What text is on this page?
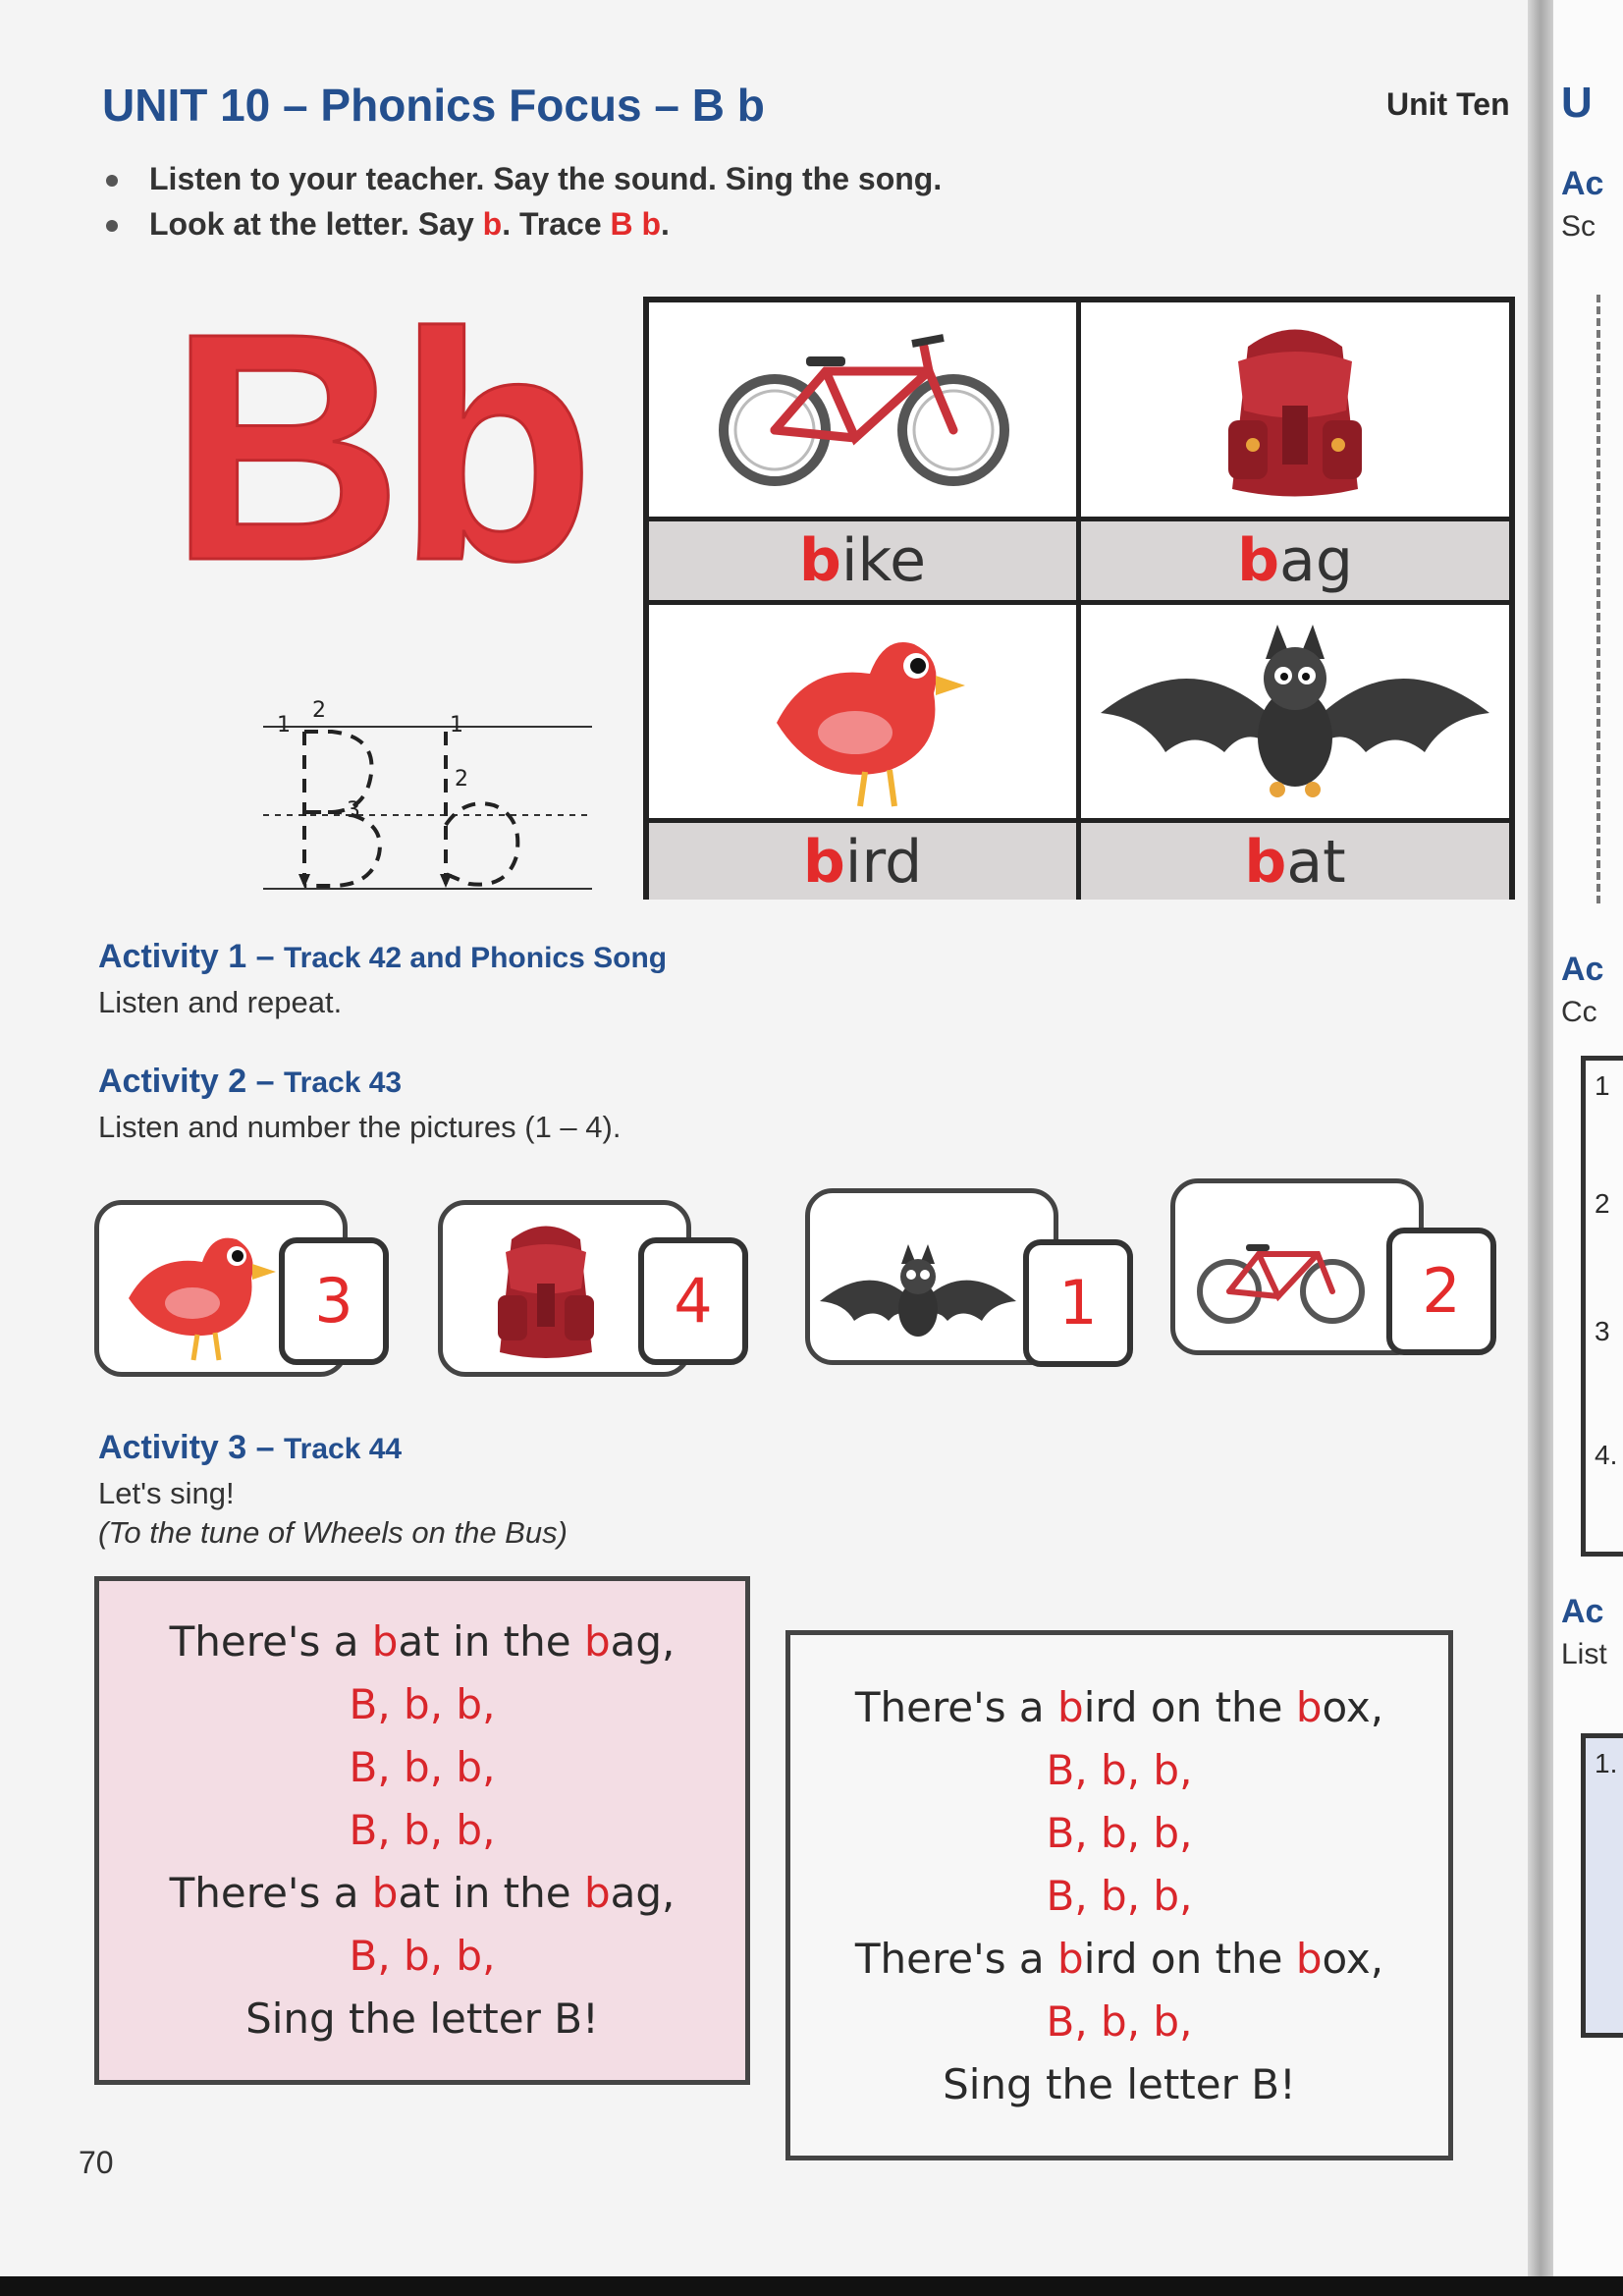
UNIT 10 – Phonics Focus – B b	Unit Ten
Listen to your teacher. Say the sound. Sing the song.
Look at the letter. Say b. Trace B b.
Bb
1
2
3
1
2
bike	bag
bird	bat
Activity 1 – Track 42 and Phonics Song
Listen and repeat.
Activity 2 – Track 43
Listen and number the pictures (1 – 4).
3	4	1	2
Activity 3 – Track 44
Let's sing!
(To the tune of Wheels on the Bus)
There's a bat in the bag,
B, b, b,
B, b, b,
B, b, b,
There's a bat in the bag,
B, b, b,
Sing the letter B!
There's a bird on the box,
B, b, b,
B, b, b,
B, b, b,
There's a bird on the box,
B, b, b,
Sing the letter B!
70
U
Ac
Sc
Ac
Cc
1
2
3
4.
Ac
List
1.
